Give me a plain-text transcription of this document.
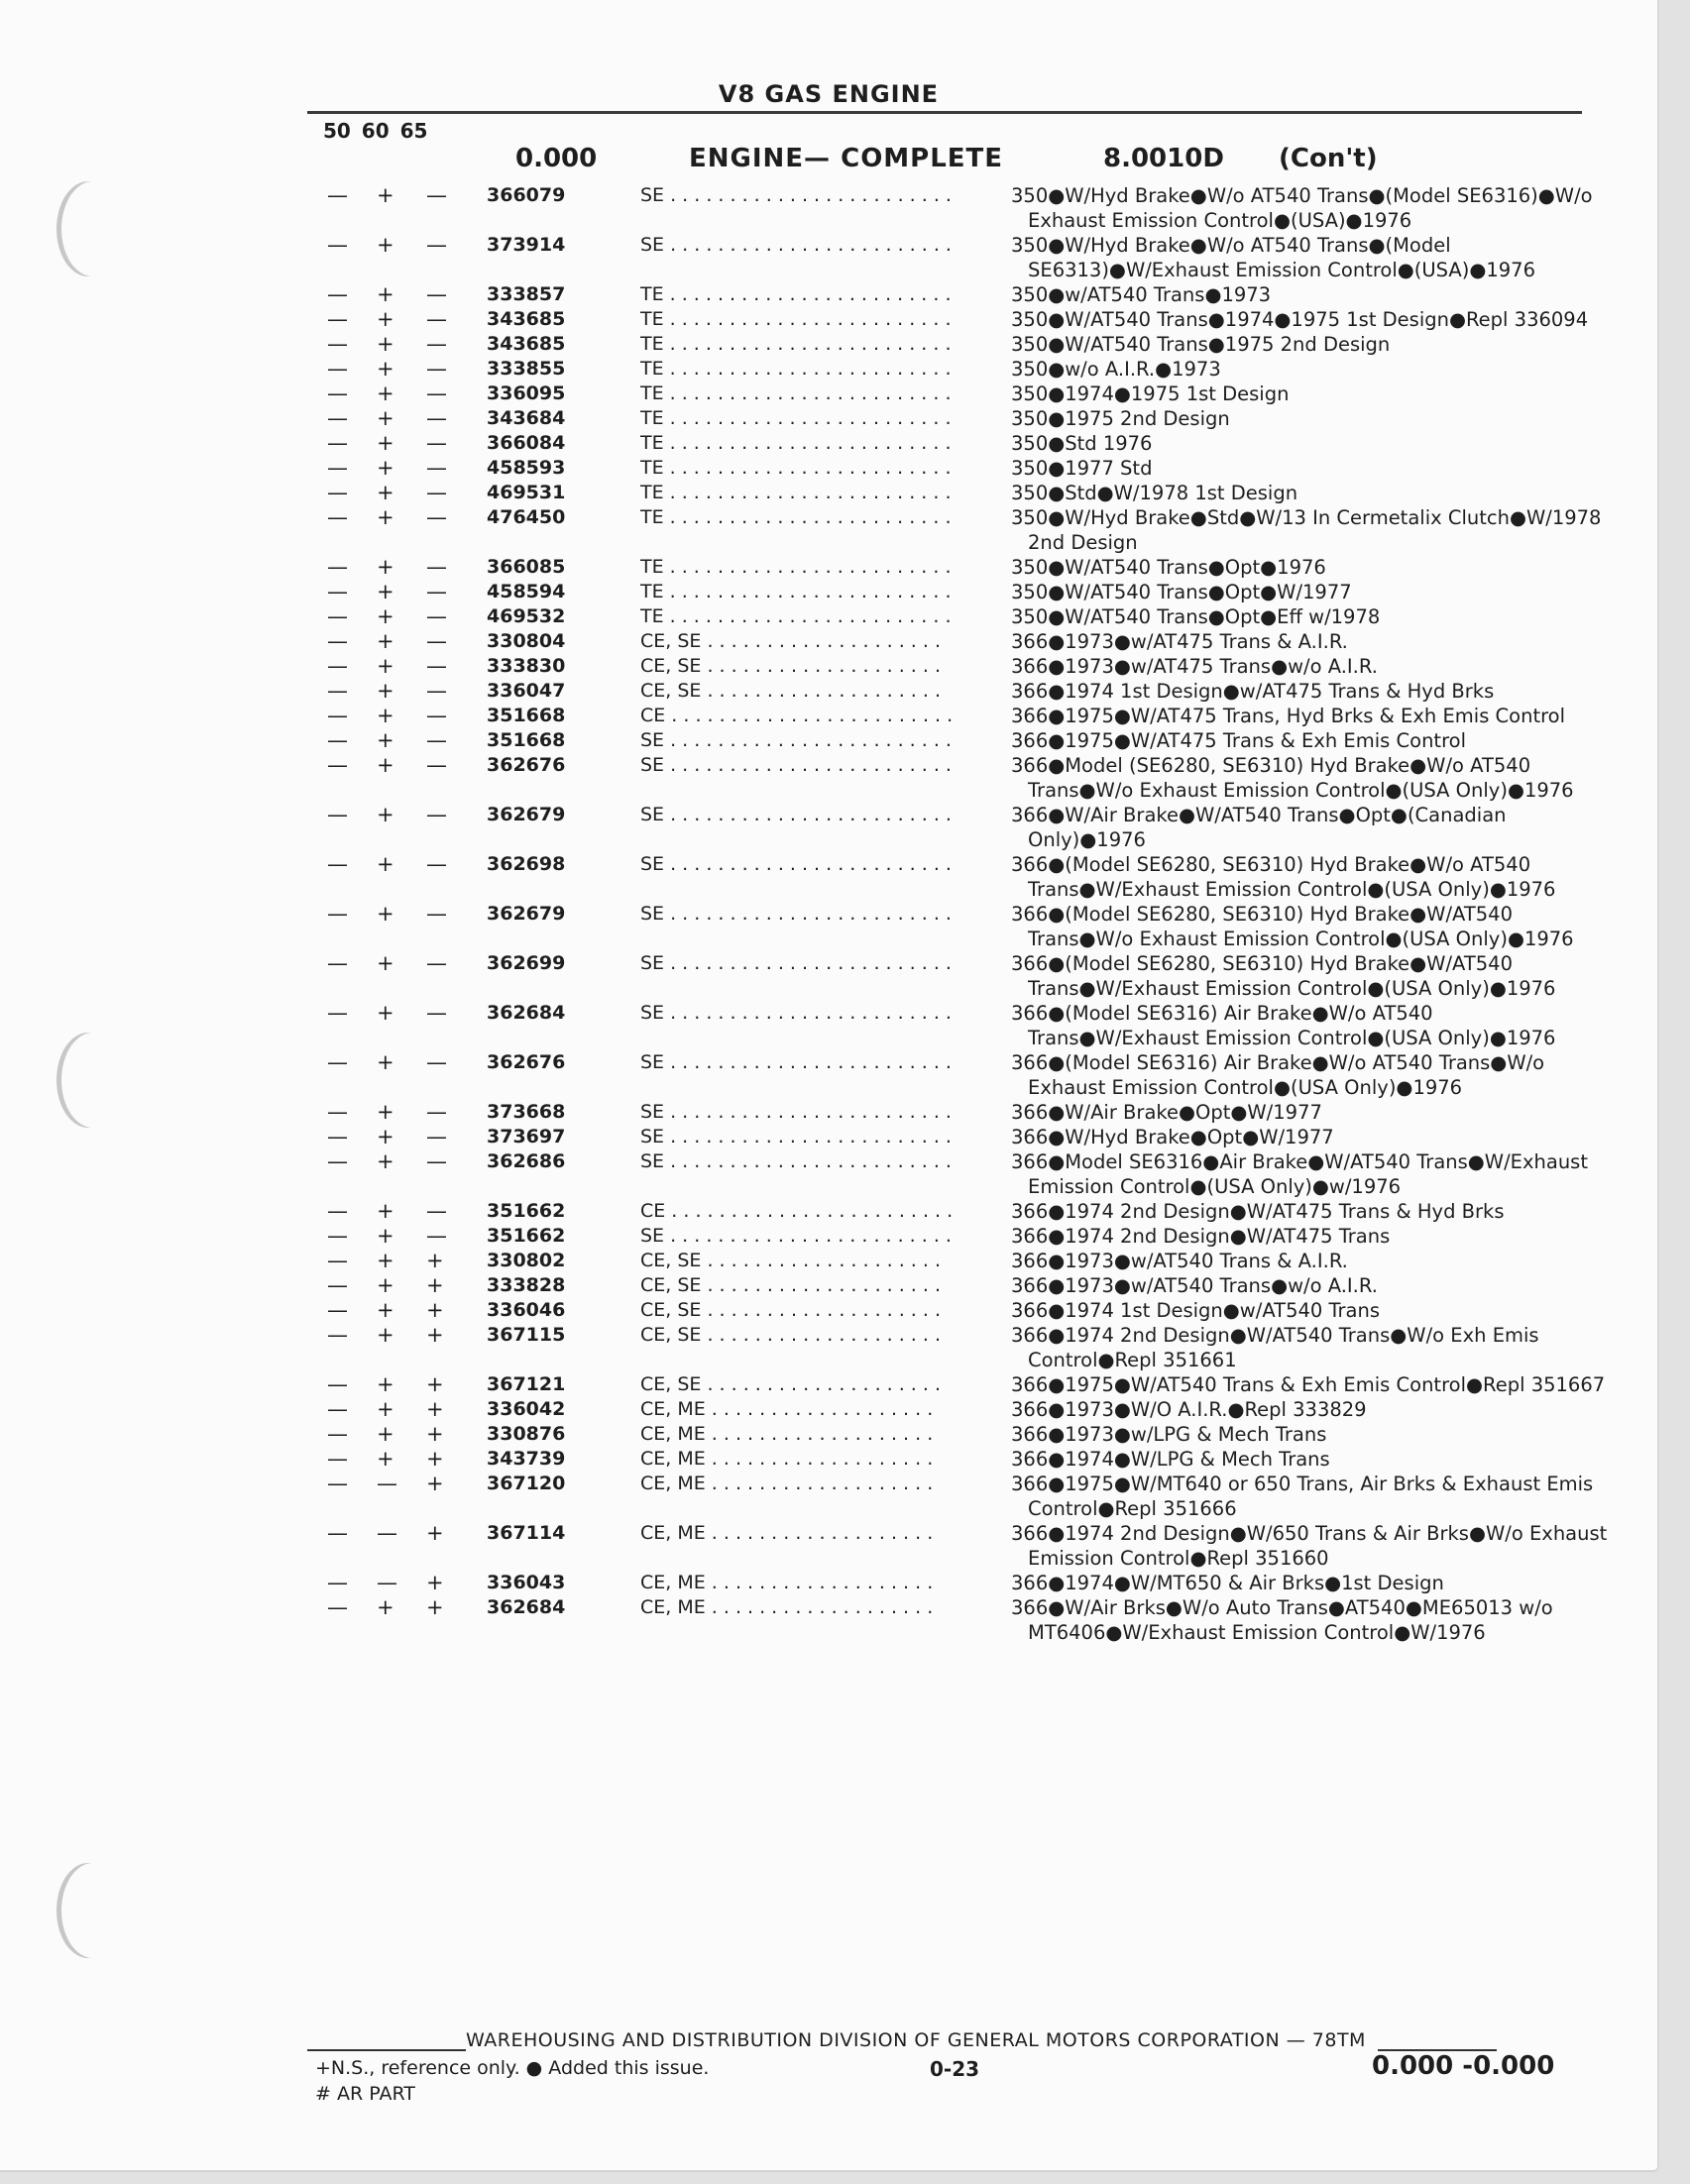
V8 GAS ENGINE
50 60 65
0.000	ENGINE— COMPLETE	8.0010D (Con't)
— + —	366079	SE . . . . . . . . . . . . . . . . . . . . . . . .	350●W/Hyd Brake●W/o AT540 Trans●(Model SE6316)●W/o Exhaust Emission Control●(USA)●1976
— + —	373914	SE . . . . . . . . . . . . . . . . . . . . . . . .	350●W/Hyd Brake●W/o AT540 Trans●(Model SE6313)●W/Exhaust Emission Control●(USA)●1976
— + —	333857	TE . . . . . . . . . . . . . . . . . . . . . . . .	350●w/AT540 Trans●1973
— + —	343685	TE . . . . . . . . . . . . . . . . . . . . . . . .	350●W/AT540 Trans●1974●1975 1st Design●Repl 336094
— + —	343685	TE . . . . . . . . . . . . . . . . . . . . . . . .	350●W/AT540 Trans●1975 2nd Design
— + —	333855	TE . . . . . . . . . . . . . . . . . . . . . . . .	350●w/o A.I.R.●1973
— + —	336095	TE . . . . . . . . . . . . . . . . . . . . . . . .	350●1974●1975 1st Design
— + —	343684	TE . . . . . . . . . . . . . . . . . . . . . . . .	350●1975 2nd Design
— + —	366084	TE . . . . . . . . . . . . . . . . . . . . . . . .	350●Std 1976
— + —	458593	TE . . . . . . . . . . . . . . . . . . . . . . . .	350●1977 Std
— + —	469531	TE . . . . . . . . . . . . . . . . . . . . . . . .	350●Std●W/1978 1st Design
— + —	476450	TE . . . . . . . . . . . . . . . . . . . . . . . .	350●W/Hyd Brake●Std●W/13 In Cermetalix Clutch●W/1978 2nd Design
— + —	366085	TE . . . . . . . . . . . . . . . . . . . . . . . .	350●W/AT540 Trans●Opt●1976
— + —	458594	TE . . . . . . . . . . . . . . . . . . . . . . . .	350●W/AT540 Trans●Opt●W/1977
— + —	469532	TE . . . . . . . . . . . . . . . . . . . . . . . .	350●W/AT540 Trans●Opt●Eff w/1978
— + —	330804	CE, SE . . . . . . . . . . . . . . . . . . . .	366●1973●w/AT475 Trans & A.I.R.
— + —	333830	CE, SE . . . . . . . . . . . . . . . . . . . .	366●1973●w/AT475 Trans●w/o A.I.R.
— + —	336047	CE, SE . . . . . . . . . . . . . . . . . . . .	366●1974 1st Design●w/AT475 Trans & Hyd Brks
— + —	351668	CE . . . . . . . . . . . . . . . . . . . . . . . .	366●1975●W/AT475 Trans, Hyd Brks & Exh Emis Control
— + —	351668	SE . . . . . . . . . . . . . . . . . . . . . . . .	366●1975●W/AT475 Trans & Exh Emis Control
— + —	362676	SE . . . . . . . . . . . . . . . . . . . . . . . .	366●Model (SE6280, SE6310) Hyd Brake●W/o AT540 Trans●W/o Exhaust Emission Control●(USA Only)●1976
— + —	362679	SE . . . . . . . . . . . . . . . . . . . . . . . .	366●W/Air Brake●W/AT540 Trans●Opt●(Canadian Only)●1976
— + —	362698	SE . . . . . . . . . . . . . . . . . . . . . . . .	366●(Model SE6280, SE6310) Hyd Brake●W/o AT540 Trans●W/Exhaust Emission Control●(USA Only)●1976
— + —	362679	SE . . . . . . . . . . . . . . . . . . . . . . . .	366●(Model SE6280, SE6310) Hyd Brake●W/AT540 Trans●W/o Exhaust Emission Control●(USA Only)●1976
— + —	362699	SE . . . . . . . . . . . . . . . . . . . . . . . .	366●(Model SE6280, SE6310) Hyd Brake●W/AT540 Trans●W/Exhaust Emission Control●(USA Only)●1976
— + —	362684	SE . . . . . . . . . . . . . . . . . . . . . . . .	366●(Model SE6316) Air Brake●W/o AT540 Trans●W/Exhaust Emission Control●(USA Only)●1976
— + —	362676	SE . . . . . . . . . . . . . . . . . . . . . . . .	366●(Model SE6316) Air Brake●W/o AT540 Trans●W/o Exhaust Emission Control●(USA Only)●1976
— + —	373668	SE . . . . . . . . . . . . . . . . . . . . . . . .	366●W/Air Brake●Opt●W/1977
— + —	373697	SE . . . . . . . . . . . . . . . . . . . . . . . .	366●W/Hyd Brake●Opt●W/1977
— + —	362686	SE . . . . . . . . . . . . . . . . . . . . . . . .	366●Model SE6316●Air Brake●W/AT540 Trans●W/Exhaust Emission Control●(USA Only)●w/1976
— + —	351662	CE . . . . . . . . . . . . . . . . . . . . . . . .	366●1974 2nd Design●W/AT475 Trans & Hyd Brks
— + —	351662	SE . . . . . . . . . . . . . . . . . . . . . . . .	366●1974 2nd Design●W/AT475 Trans
— + +	330802	CE, SE . . . . . . . . . . . . . . . . . . . .	366●1973●w/AT540 Trans & A.I.R.
— + +	333828	CE, SE . . . . . . . . . . . . . . . . . . . .	366●1973●w/AT540 Trans●w/o A.I.R.
— + +	336046	CE, SE . . . . . . . . . . . . . . . . . . . .	366●1974 1st Design●w/AT540 Trans
— + +	367115	CE, SE . . . . . . . . . . . . . . . . . . . .	366●1974 2nd Design●W/AT540 Trans●W/o Exh Emis Control●Repl 351661
— + +	367121	CE, SE . . . . . . . . . . . . . . . . . . . .	366●1975●W/AT540 Trans & Exh Emis Control●Repl 351667
— + +	336042	CE, ME . . . . . . . . . . . . . . . . . . .	366●1973●W/O A.I.R.●Repl 333829
— + +	330876	CE, ME . . . . . . . . . . . . . . . . . . .	366●1973●w/LPG & Mech Trans
— + +	343739	CE, ME . . . . . . . . . . . . . . . . . . .	366●1974●W/LPG & Mech Trans
— — +	367120	CE, ME . . . . . . . . . . . . . . . . . . .	366●1975●W/MT640 or 650 Trans, Air Brks & Exhaust Emis Control●Repl 351666
— — +	367114	CE, ME . . . . . . . . . . . . . . . . . . .	366●1974 2nd Design●W/650 Trans & Air Brks●W/o Exhaust Emission Control●Repl 351660
— — +	336043	CE, ME . . . . . . . . . . . . . . . . . . .	366●1974●W/MT650 & Air Brks●1st Design
— + +	362684	CE, ME . . . . . . . . . . . . . . . . . . .	366●W/Air Brks●W/o Auto Trans●AT540●ME65013 w/o MT6406●W/Exhaust Emission Control●W/1976
WAREHOUSING AND DISTRIBUTION DIVISION OF GENERAL MOTORS CORPORATION — 78TM
+N.S., reference only. ● Added this issue.
# AR PART
0-23	0.000 -0.000
